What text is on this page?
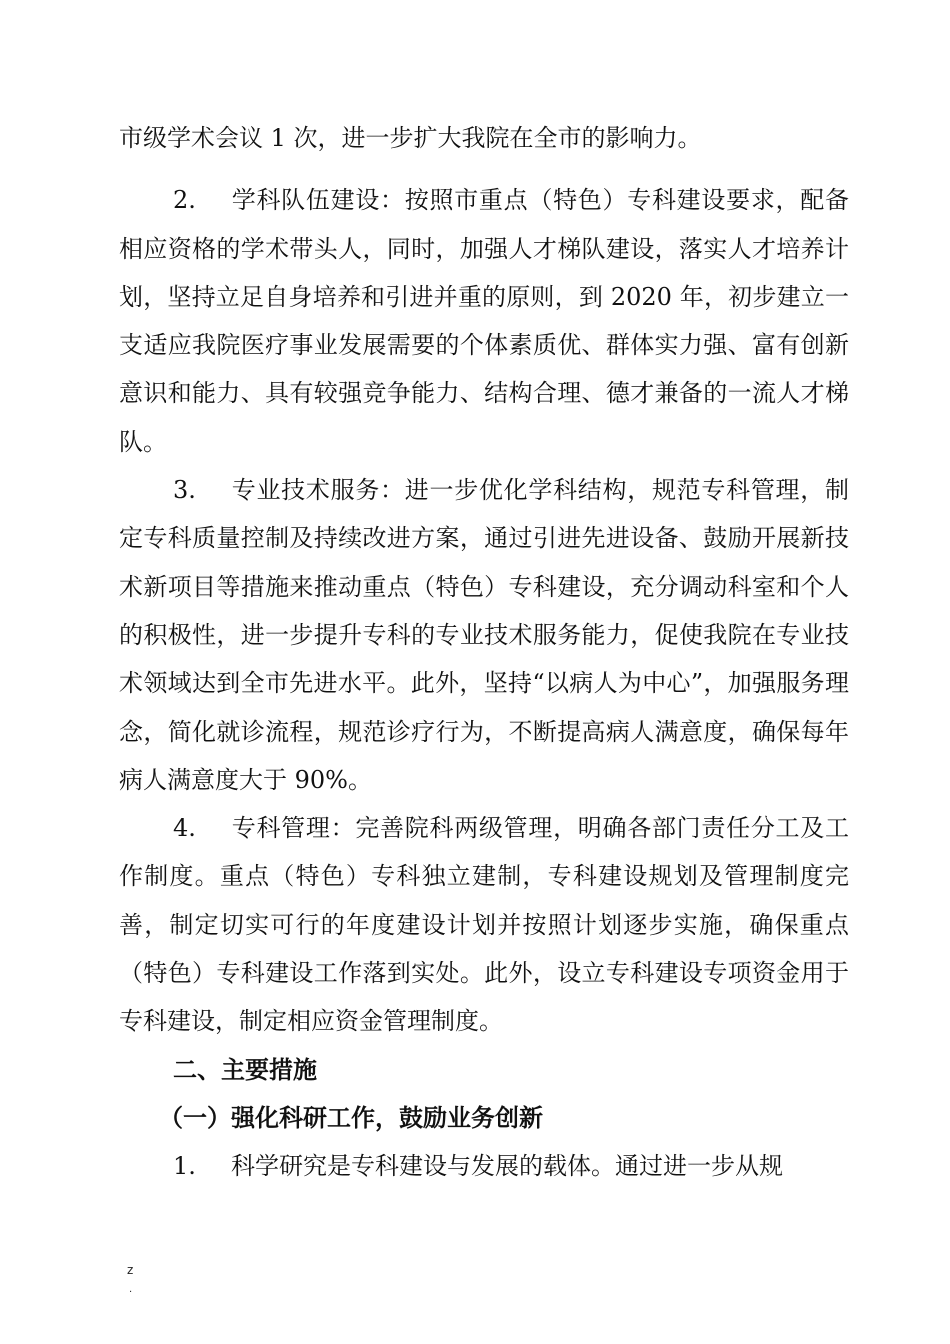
市级学术会议 1 次，进一步扩大我院在全市的影响力。

2. 学科队伍建设：按照市重点（特色）专科建设要求，配备相应资格的学术带头人，同时，加强人才梯队建设，落实人才培养计划，坚持立足自身培养和引进并重的原则，到 2020 年，初步建立一支适应我院医疗事业发展需要的个体素质优、群体实力强、富有创新意识和能力、具有较强竞争能力、结构合理、德才兼备的一流人才梯队。

3. 专业技术服务：进一步优化学科结构，规范专科管理，制定专科质量控制及持续改进方案，通过引进先进设备、鼓励开展新技术新项目等措施来推动重点（特色）专科建设，充分调动科室和个人的积极性，进一步提升专科的专业技术服务能力，促使我院在专业技术领域达到全市先进水平。此外，坚持“以病人为中心”，加强服务理念，简化就诊流程，规范诊疗行为，不断提高病人满意度，确保每年病人满意度大于 90%。

4. 专科管理：完善院科两级管理，明确各部门责任分工及工作制度。重点（特色）专科独立建制，专科建设规划及管理制度完善，制定切实可行的年度建设计划并按照计划逐步实施，确保重点（特色）专科建设工作落到实处。此外，设立专科建设专项资金用于专科建设，制定相应资金管理制度。

二、主要措施

（一）强化科研工作，鼓励业务创新

1. 科学研究是专科建设与发展的载体。通过进一步从规

z
.
